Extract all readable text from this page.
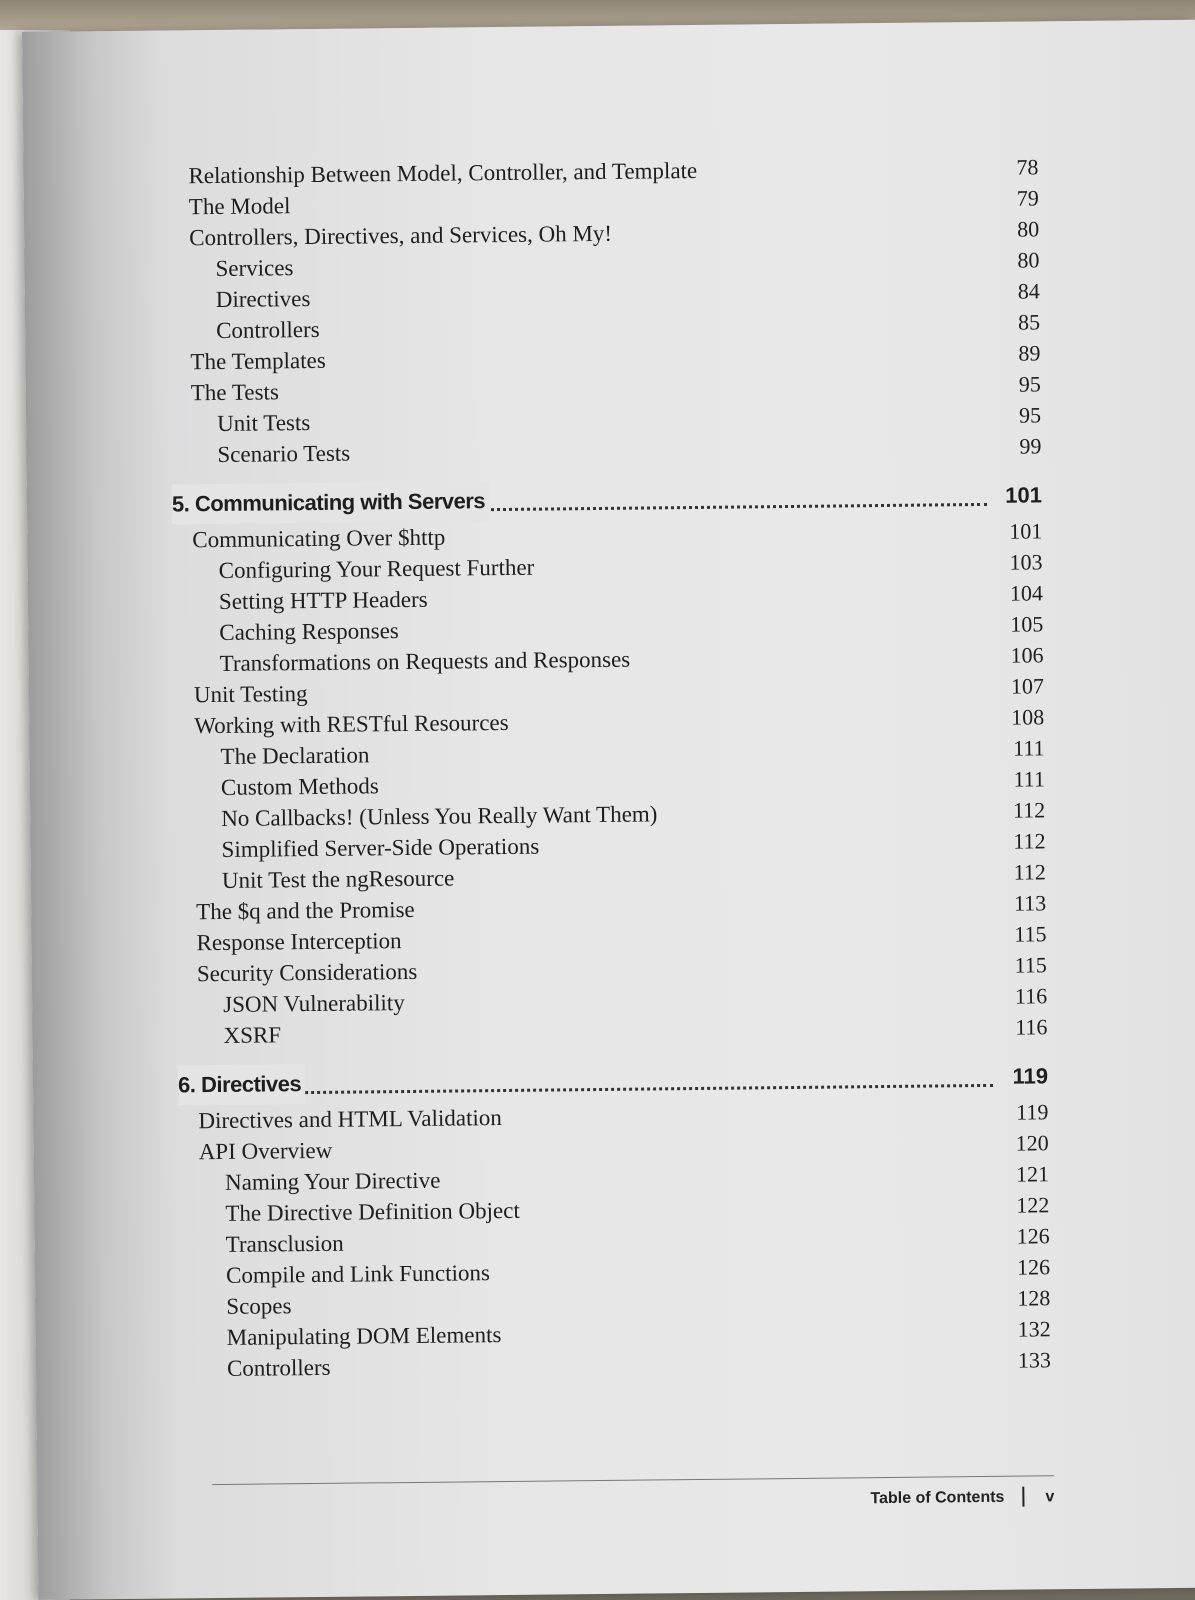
Relationship Between Model, Controller, and Template	78
The Model	79
Controllers, Directives, and Services, Oh My!	80
Services	80
Directives	84
Controllers	85
The Templates	89
The Tests	95
Unit Tests	95
Scenario Tests	99
5. Communicating with Servers	101
Communicating Over $http	101
Configuring Your Request Further	103
Setting HTTP Headers	104
Caching Responses	105
Transformations on Requests and Responses	106
Unit Testing	107
Working with RESTful Resources	108
The Declaration	111
Custom Methods	111
No Callbacks! (Unless You Really Want Them)	112
Simplified Server-Side Operations	112
Unit Test the ngResource	112
The $q and the Promise	113
Response Interception	115
Security Considerations	115
JSON Vulnerability	116
XSRF	116
6. Directives	119
Directives and HTML Validation	119
API Overview	120
Naming Your Directive	121
The Directive Definition Object	122
Transclusion	126
Compile and Link Functions	126
Scopes	128
Manipulating DOM Elements	132
Controllers	133
Table of Contents	v
